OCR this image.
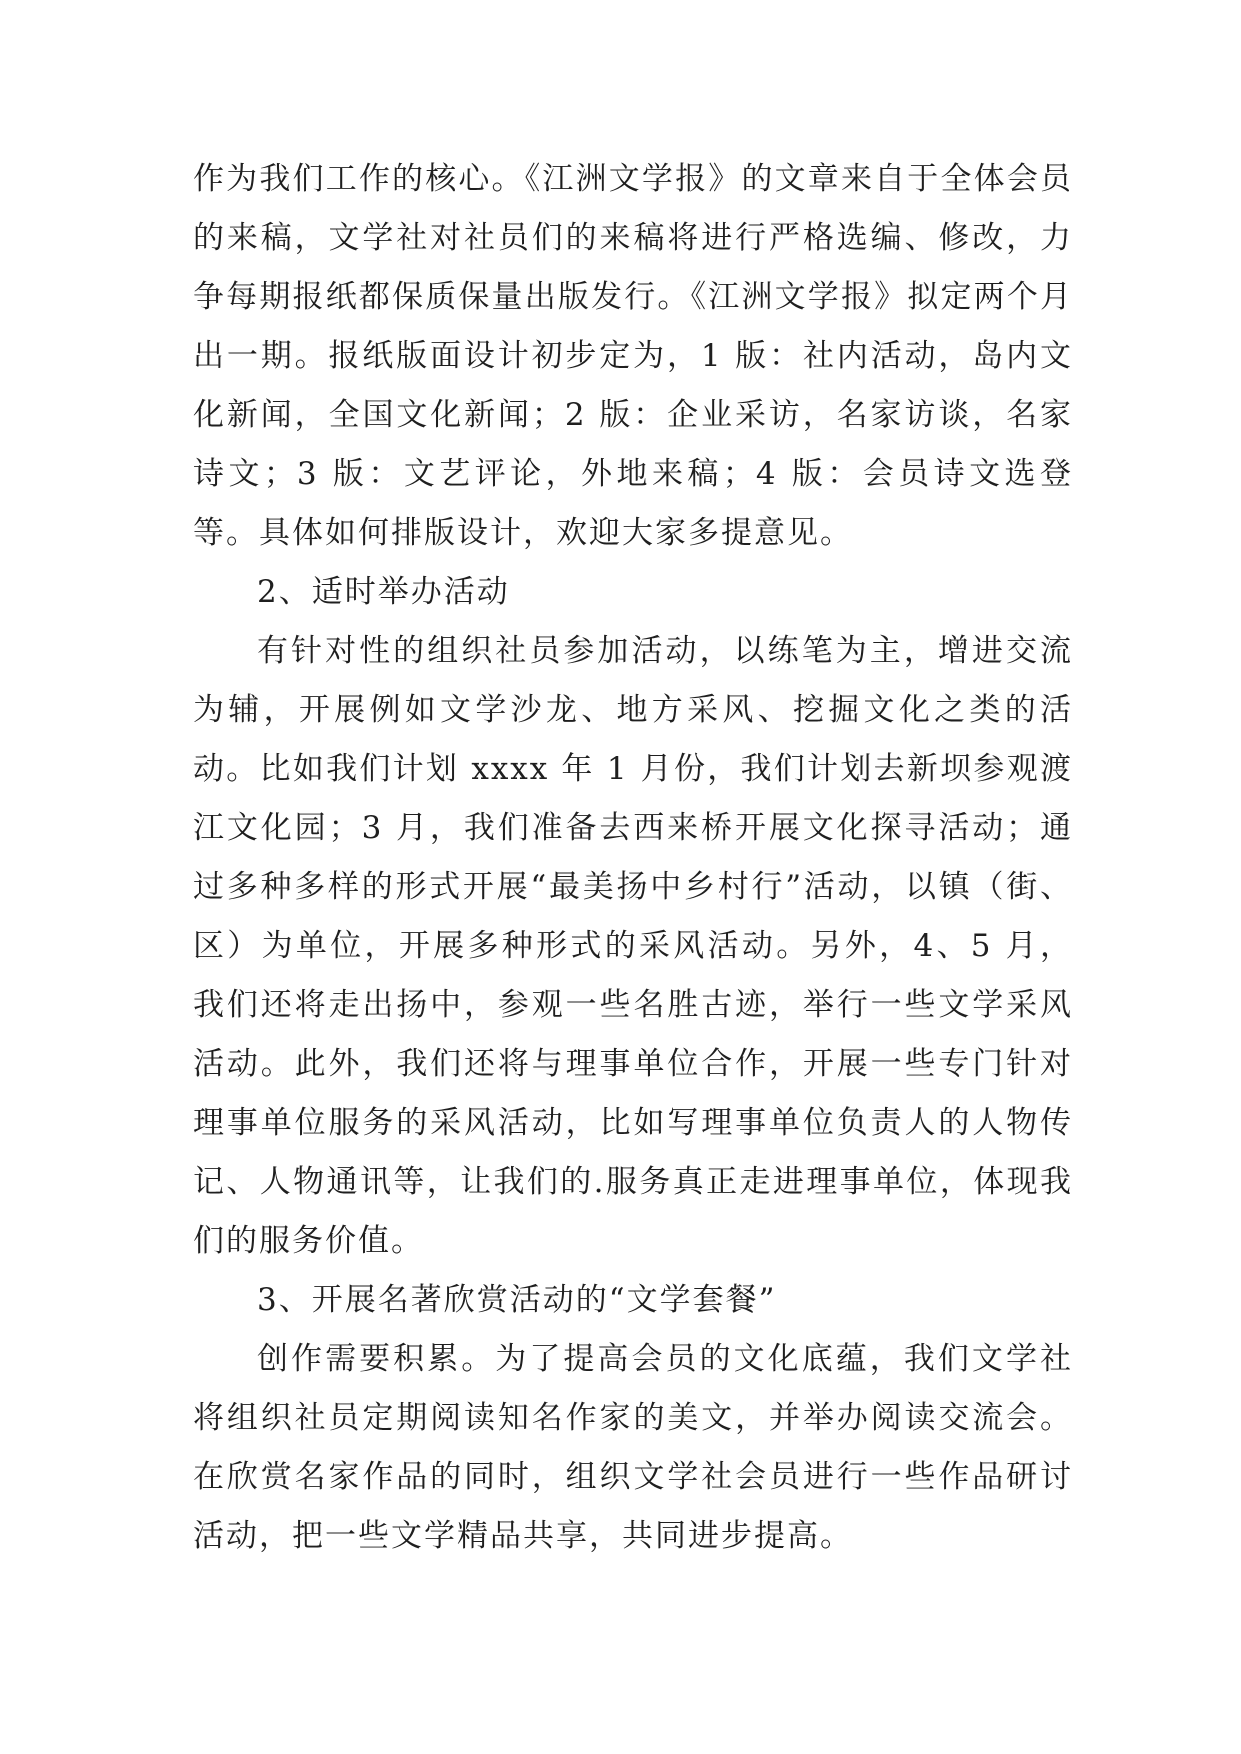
作为我们工作的核心。《江洲文学报》的文章来自于全体会员的来稿，文学社对社员们的来稿将进行严格选编、修改，力争每期报纸都保质保量出版发行。《江洲文学报》拟定两个月出一期。报纸版面设计初步定为，1 版：社内活动，岛内文化新闻，全国文化新闻；2 版：企业采访，名家访谈，名家诗文；3 版：文艺评论，外地来稿；4 版：会员诗文选登等。具体如何排版设计，欢迎大家多提意见。

2、适时举办活动

有针对性的组织社员参加活动，以练笔为主，增进交流为辅，开展例如文学沙龙、地方采风、挖掘文化之类的活动。比如我们计划 xxxx 年 1 月份，我们计划去新坝参观渡江文化园；3 月，我们准备去西来桥开展文化探寻活动；通过多种多样的形式开展“最美扬中乡村行”活动，以镇（街、区）为单位，开展多种形式的采风活动。另外，4、5 月，我们还将走出扬中，参观一些名胜古迹，举行一些文学采风活动。此外，我们还将与理事单位合作，开展一些专门针对理事单位服务的采风活动，比如写理事单位负责人的人物传记、人物通讯等，让我们的.服务真正走进理事单位，体现我们的服务价值。

3、开展名著欣赏活动的“文学套餐”

创作需要积累。为了提高会员的文化底蕴，我们文学社将组织社员定期阅读知名作家的美文，并举办阅读交流会。在欣赏名家作品的同时，组织文学社会员进行一些作品研讨活动，把一些文学精品共享，共同进步提高。
